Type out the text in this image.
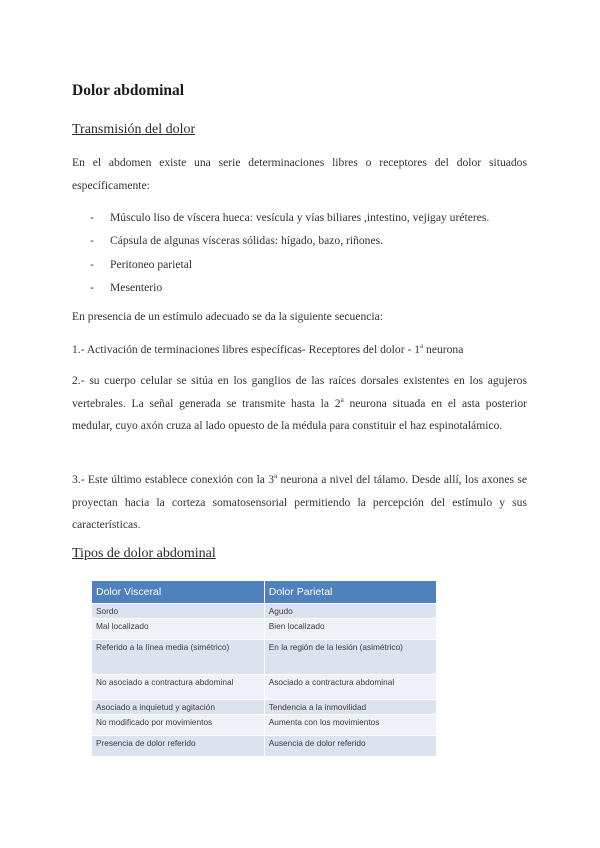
Dolor abdominal
Transmisión del dolor
En el abdomen existe una serie determinaciones libres o receptores del dolor situados específicamente:
- Músculo liso de víscera hueca: vesícula y vías biliares ,intestino, vejigay uréteres.
- Cápsula de algunas vísceras sólidas: hígado, bazo, riñones.
- Peritoneo parietal
- Mesenterio
En presencia de un estímulo adecuado se da la siguiente secuencia:
1.- Activación de terminaciones libres específicas- Receptores del dolor - 1$^a$ neurona
2.- su cuerpo celular se sitúa en los ganglios de las raíces dorsales existentes en los agujeros vertebrales. La señal generada se transmite hasta la 2$^a$ neurona situada en el asta posterior medular, cuyo axón cruza al lado opuesto de la médula para constituir el haz espinotalámico.
3.- Este último establece conexión con la 3$^a$ neurona a nivel del tálamo. Desde allí, los axones se proyectan hacia la corteza somatosensorial permitiendo la percepción del estímulo y sus características.
Tipos de dolor abdominal
Dolor Visceral	Dolor Parietal
Sordo	Agudo
Mal localizado	Bien localizado
Referido a la línea media (simétrico)	En la región de la lesión (asimétrico)
No asociado a contractura abdominal	Asociado a contractura abdominal
Asociado a inquietud y agitación	Tendencia a la inmovilidad
No modificado por movimientos	Aumenta con los movimientos
Presencia de dolor referido	Ausencia de dolor referido
